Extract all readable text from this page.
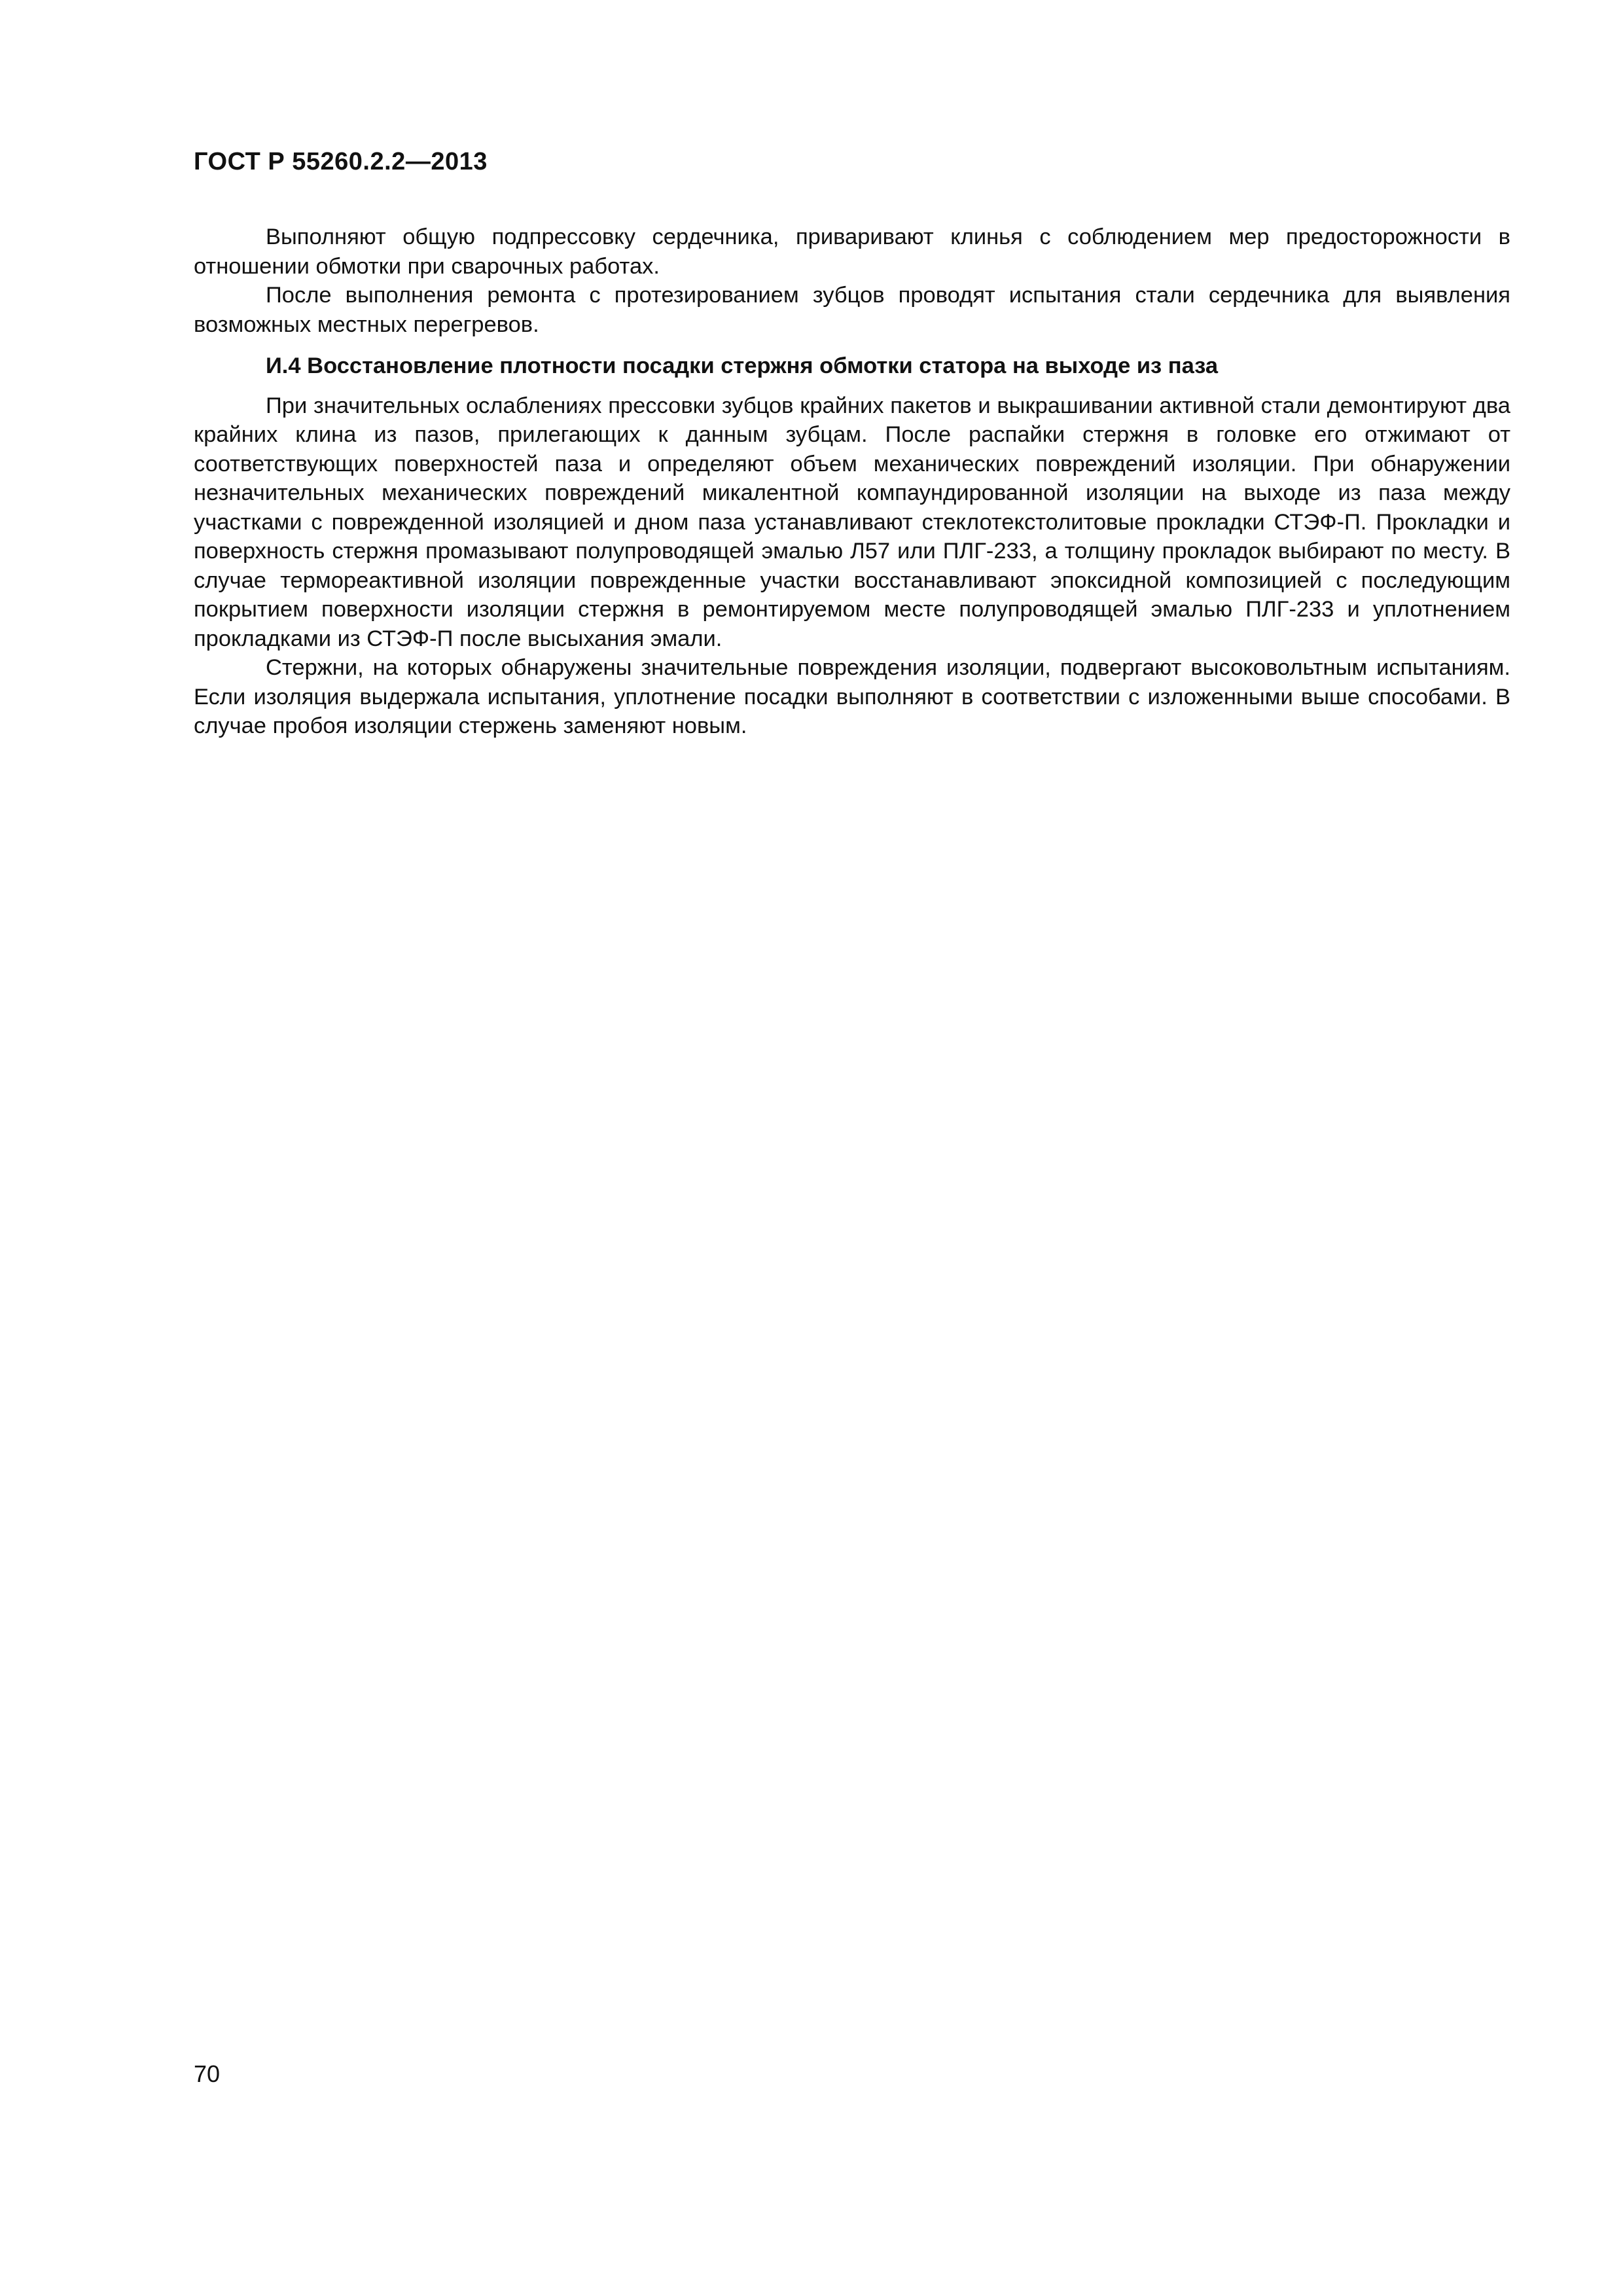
ГОСТ Р 55260.2.2—2013

Выполняют общую подпрессовку сердечника, приваривают клинья с соблюдением мер предосторожности в отношении обмотки при сварочных работах.

После выполнения ремонта с протезированием зубцов проводят испытания стали сердечника для выявления возможных местных перегревов.

И.4 Восстановление плотности посадки стержня обмотки статора на выходе из паза

При значительных ослаблениях прессовки зубцов крайних пакетов и выкрашивании активной стали демонтируют два крайних клина из пазов, прилегающих к данным зубцам. После распайки стержня в головке его отжимают от соответствующих поверхностей паза и определяют объем механических повреждений изоляции. При обнаружении незначительных механических повреждений микалентной компаундированной изоляции на выходе из паза между участками с поврежденной изоляцией и дном паза устанавливают стеклотекстолитовые прокладки СТЭФ-П. Прокладки и поверхность стержня промазывают полупроводящей эмалью Л57 или ПЛГ-233, а толщину прокладок выбирают по месту. В случае термореактивной изоляции поврежденные участки восстанавливают эпоксидной композицией с последующим покрытием поверхности изоляции стержня в ремонтируемом месте полупроводящей эмалью ПЛГ-233 и уплотнением прокладками из СТЭФ-П после высыхания эмали.

Стержни, на которых обнаружены значительные повреждения изоляции, подвергают высоковольтным испытаниям. Если изоляция выдержала испытания, уплотнение посадки выполняют в соответствии с изложенными выше способами. В случае пробоя изоляции стержень заменяют новым.

70
